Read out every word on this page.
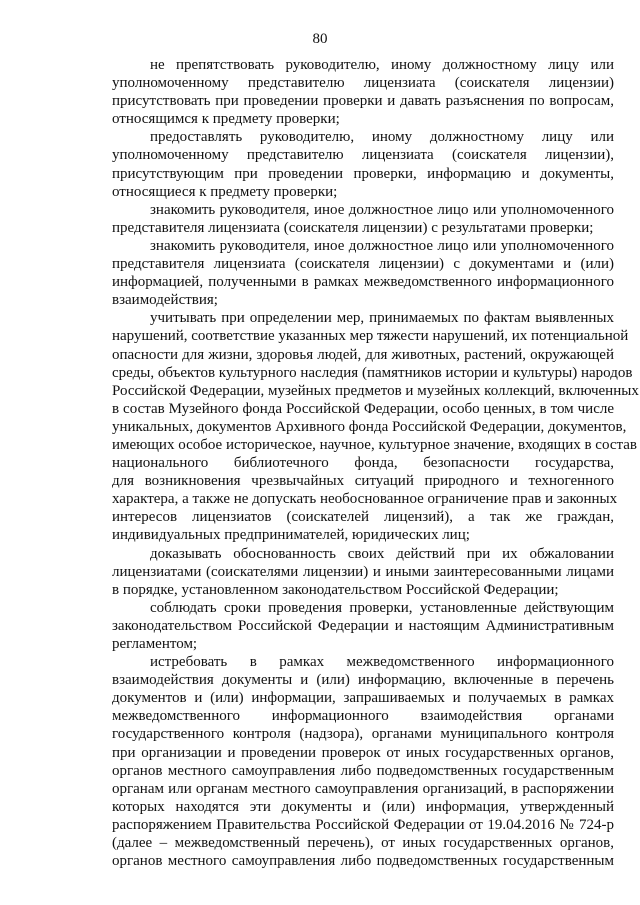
80
не препятствовать руководителю, иному должностному лицу или
уполномоченному представителю лицензиата (соискателя лицензии)
присутствовать при проведении проверки и давать разъяснения по вопросам,
относящимся к предмету проверки;
предоставлять руководителю, иному должностному лицу или
уполномоченному представителю лицензиата (соискателя лицензии),
присутствующим при проведении проверки, информацию и документы,
относящиеся к предмету проверки;
знакомить руководителя, иное должностное лицо или уполномоченного
представителя лицензиата (соискателя лицензии) с результатами проверки;
знакомить руководителя, иное должностное лицо или уполномоченного
представителя лицензиата (соискателя лицензии) с документами и (или)
информацией, полученными в рамках межведомственного информационного
взаимодействия;
учитывать при определении мер, принимаемых по фактам выявленных
нарушений, соответствие указанных мер тяжести нарушений, их потенциальной
опасности для жизни, здоровья людей, для животных, растений, окружающей
среды, объектов культурного наследия (памятников истории и культуры) народов
Российской Федерации, музейных предметов и музейных коллекций, включенных
в состав Музейного фонда Российской Федерации, особо ценных, в том числе
уникальных, документов Архивного фонда Российской Федерации, документов,
имеющих особое историческое, научное, культурное значение, входящих в состав
национального библиотечного фонда, безопасности государства,
для возникновения чрезвычайных ситуаций природного и техногенного
характера, а также не допускать необоснованное ограничение прав и законных
интересов лицензиатов (соискателей лицензий), а так же граждан,
индивидуальных предпринимателей, юридических лиц;
доказывать обоснованность своих действий при их обжаловании
лицензиатами (соискателями лицензии) и иными заинтересованными лицами
в порядке, установленном законодательством Российской Федерации;
соблюдать сроки проведения проверки, установленные действующим
законодательством Российской Федерации и настоящим Административным
регламентом;
истребовать в рамках межведомственного информационного
взаимодействия документы и (или) информацию, включенные в перечень
документов и (или) информации, запрашиваемых и получаемых в рамках
межведомственного информационного взаимодействия органами
государственного контроля (надзора), органами муниципального контроля
при организации и проведении проверок от иных государственных органов,
органов местного самоуправления либо подведомственных государственным
органам или органам местного самоуправления организаций, в распоряжении
которых находятся эти документы и (или) информация, утвержденный
распоряжением Правительства Российской Федерации от 19.04.2016 № 724-р
(далее – межведомственный перечень), от иных государственных органов,
органов местного самоуправления либо подведомственных государственным
